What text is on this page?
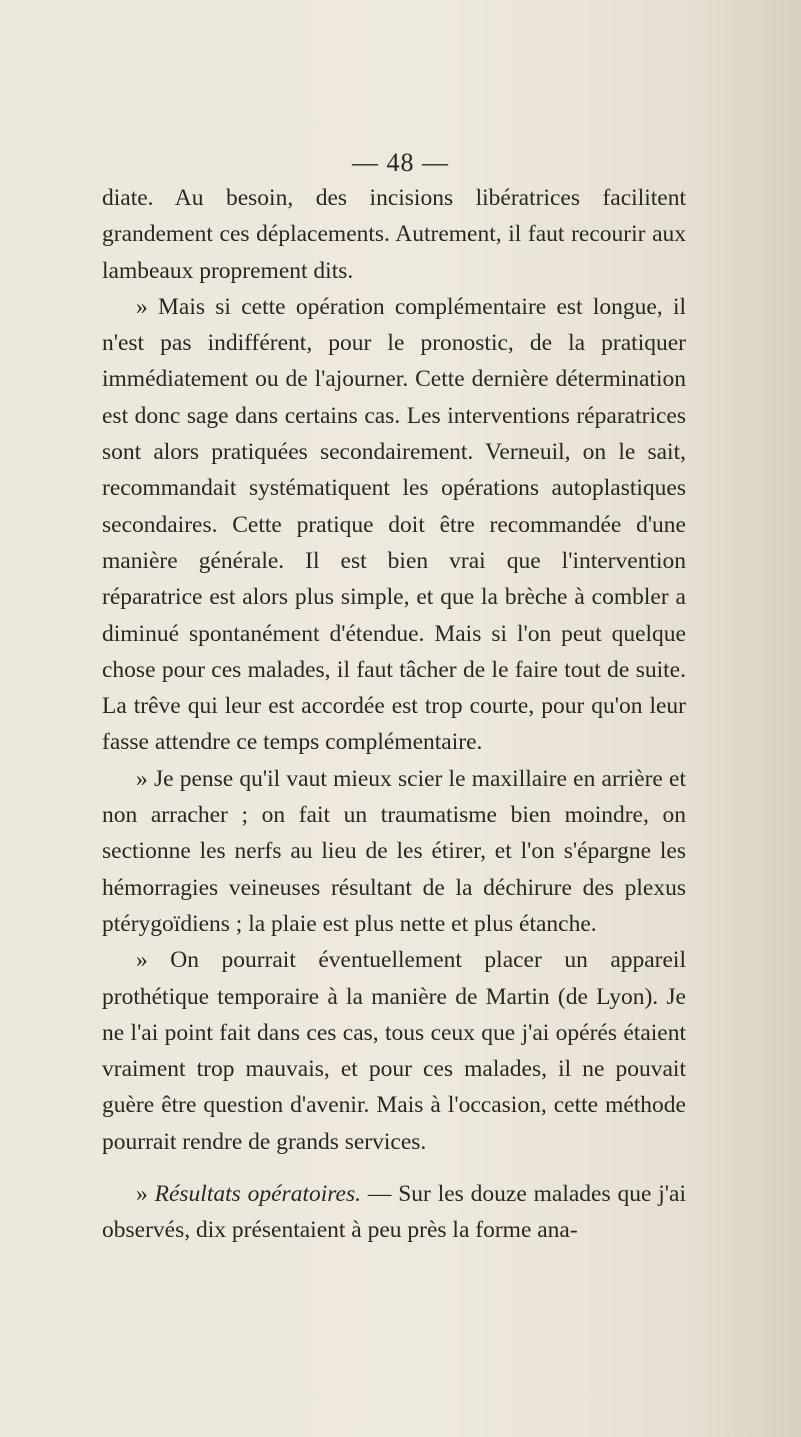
— 48 —

diate. Au besoin, des incisions libératrices facilitent grandement ces déplacements. Autrement, il faut recourir aux lambeaux proprement dits.

» Mais si cette opération complémentaire est longue, il n'est pas indifférent, pour le pronostic, de la pratiquer immédiatement ou de l'ajourner. Cette dernière détermination est donc sage dans certains cas. Les interventions réparatrices sont alors pratiquées secondairement. Verneuil, on le sait, recommandait systématiquent les opérations autoplastiques secondaires. Cette pratique doit être recommandée d'une manière générale. Il est bien vrai que l'intervention réparatrice est alors plus simple, et que la brèche à combler a diminué spontanément d'étendue. Mais si l'on peut quelque chose pour ces malades, il faut tâcher de le faire tout de suite. La trêve qui leur est accordée est trop courte, pour qu'on leur fasse attendre ce temps complémentaire.

» Je pense qu'il vaut mieux scier le maxillaire en arrière et non arracher ; on fait un traumatisme bien moindre, on sectionne les nerfs au lieu de les étirer, et l'on s'épargne les hémorragies veineuses résultant de la déchirure des plexus ptérygoïdiens ; la plaie est plus nette et plus étanche.

» On pourrait éventuellement placer un appareil prothétique temporaire à la manière de Martin (de Lyon). Je ne l'ai point fait dans ces cas, tous ceux que j'ai opérés étaient vraiment trop mauvais, et pour ces malades, il ne pouvait guère être question d'avenir. Mais à l'occasion, cette méthode pourrait rendre de grands services.

» Résultats opératoires. — Sur les douze malades que j'ai observés, dix présentaient à peu près la forme ana-
